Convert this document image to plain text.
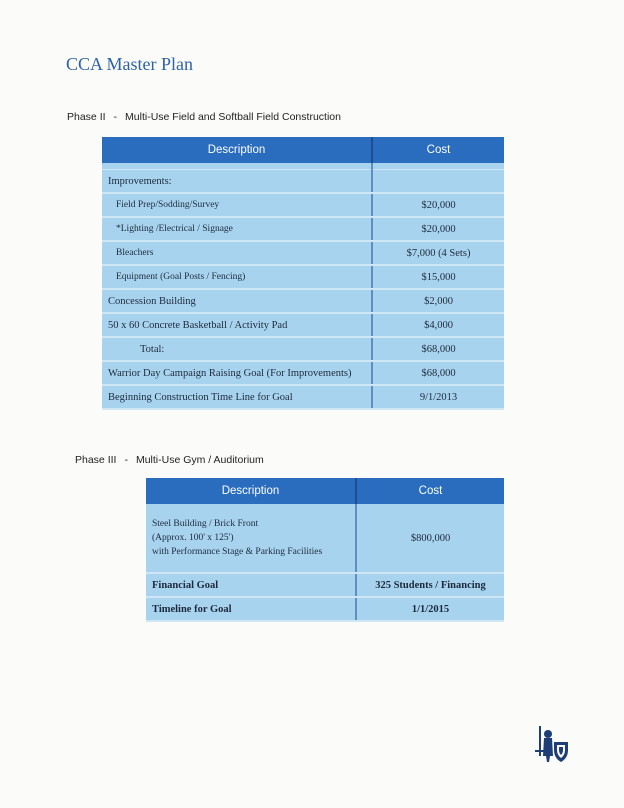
CCA Master Plan
Phase II - Multi-Use Field and Softball Field Construction
Description	Cost

Improvements:	
Field Prep/Sodding/Survey	$20,000
*Lighting /Electrical / Signage	$20,000
Bleachers	$7,000 (4 Sets)
Equipment (Goal Posts / Fencing)	$15,000
Concession Building	$2,000
50 x 60 Concrete Basketball / Activity Pad	$4,000
Total:	$68,000
Warrior Day Campaign Raising Goal (For Improvements)	$68,000
Beginning Construction Time Line for Goal	9/1/2013
Phase III - Multi-Use Gym / Auditorium
Description	Cost

Steel Building / Brick Front
(Approx. 100' x 125')
with Performance Stage & Parking Facilities	$800,000
Financial Goal	325 Students / Financing
Timeline for Goal	1/1/2015
